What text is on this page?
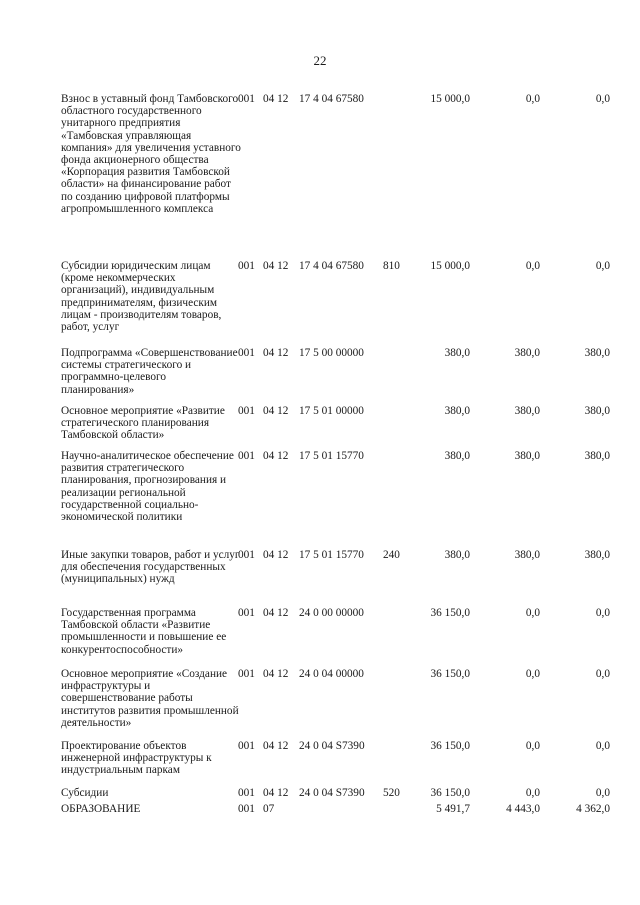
22
Взнос в уставный фонд Тамбовского областного государственного унитарного предприятия «Тамбовская управляющая компания» для увеличения уставного фонда акционерного общества «Корпорация развития Тамбовской области» на финансирование работ по созданию цифровой платформы агропромышленного комплекса
001 04 12 17 4 04 67580	15 000,0	0,0	0,0
Субсидии юридическим лицам (кроме некоммерческих организаций), индивидуальным предпринимателям, физическим лицам - производителям товаров, работ, услуг
001 04 12 17 4 04 67580 810	15 000,0	0,0	0,0
Подпрограмма «Совершенствование системы стратегического и программно-целевого планирования»
001 04 12 17 5 00 00000	380,0	380,0	380,0
Основное мероприятие «Развитие стратегического планирования Тамбовской области»
001 04 12 17 5 01 00000	380,0	380,0	380,0
Научно-аналитическое обеспечение развития стратегического планирования, прогнозирования и реализации региональной государственной социально-экономической политики
001 04 12 17 5 01 15770	380,0	380,0	380,0
Иные закупки товаров, работ и услуг для обеспечения государственных (муниципальных) нужд
001 04 12 17 5 01 15770 240	380,0	380,0	380,0
Государственная программа Тамбовской области «Развитие промышленности и повышение ее конкурентоспособности»
001 04 12 24 0 00 00000	36 150,0	0,0	0,0
Основное мероприятие «Создание инфраструктуры и совершенствование работы институтов развития промышленной деятельности»
001 04 12 24 0 04 00000	36 150,0	0,0	0,0
Проектирование объектов инженерной инфраструктуры к индустриальным паркам
001 04 12 24 0 04 S7390	36 150,0	0,0	0,0
Субсидии	001 04 12 24 0 04 S7390 520	36 150,0	0,0	0,0
ОБРАЗОВАНИЕ	001 07	5 491,7	4 443,0	4 362,0
